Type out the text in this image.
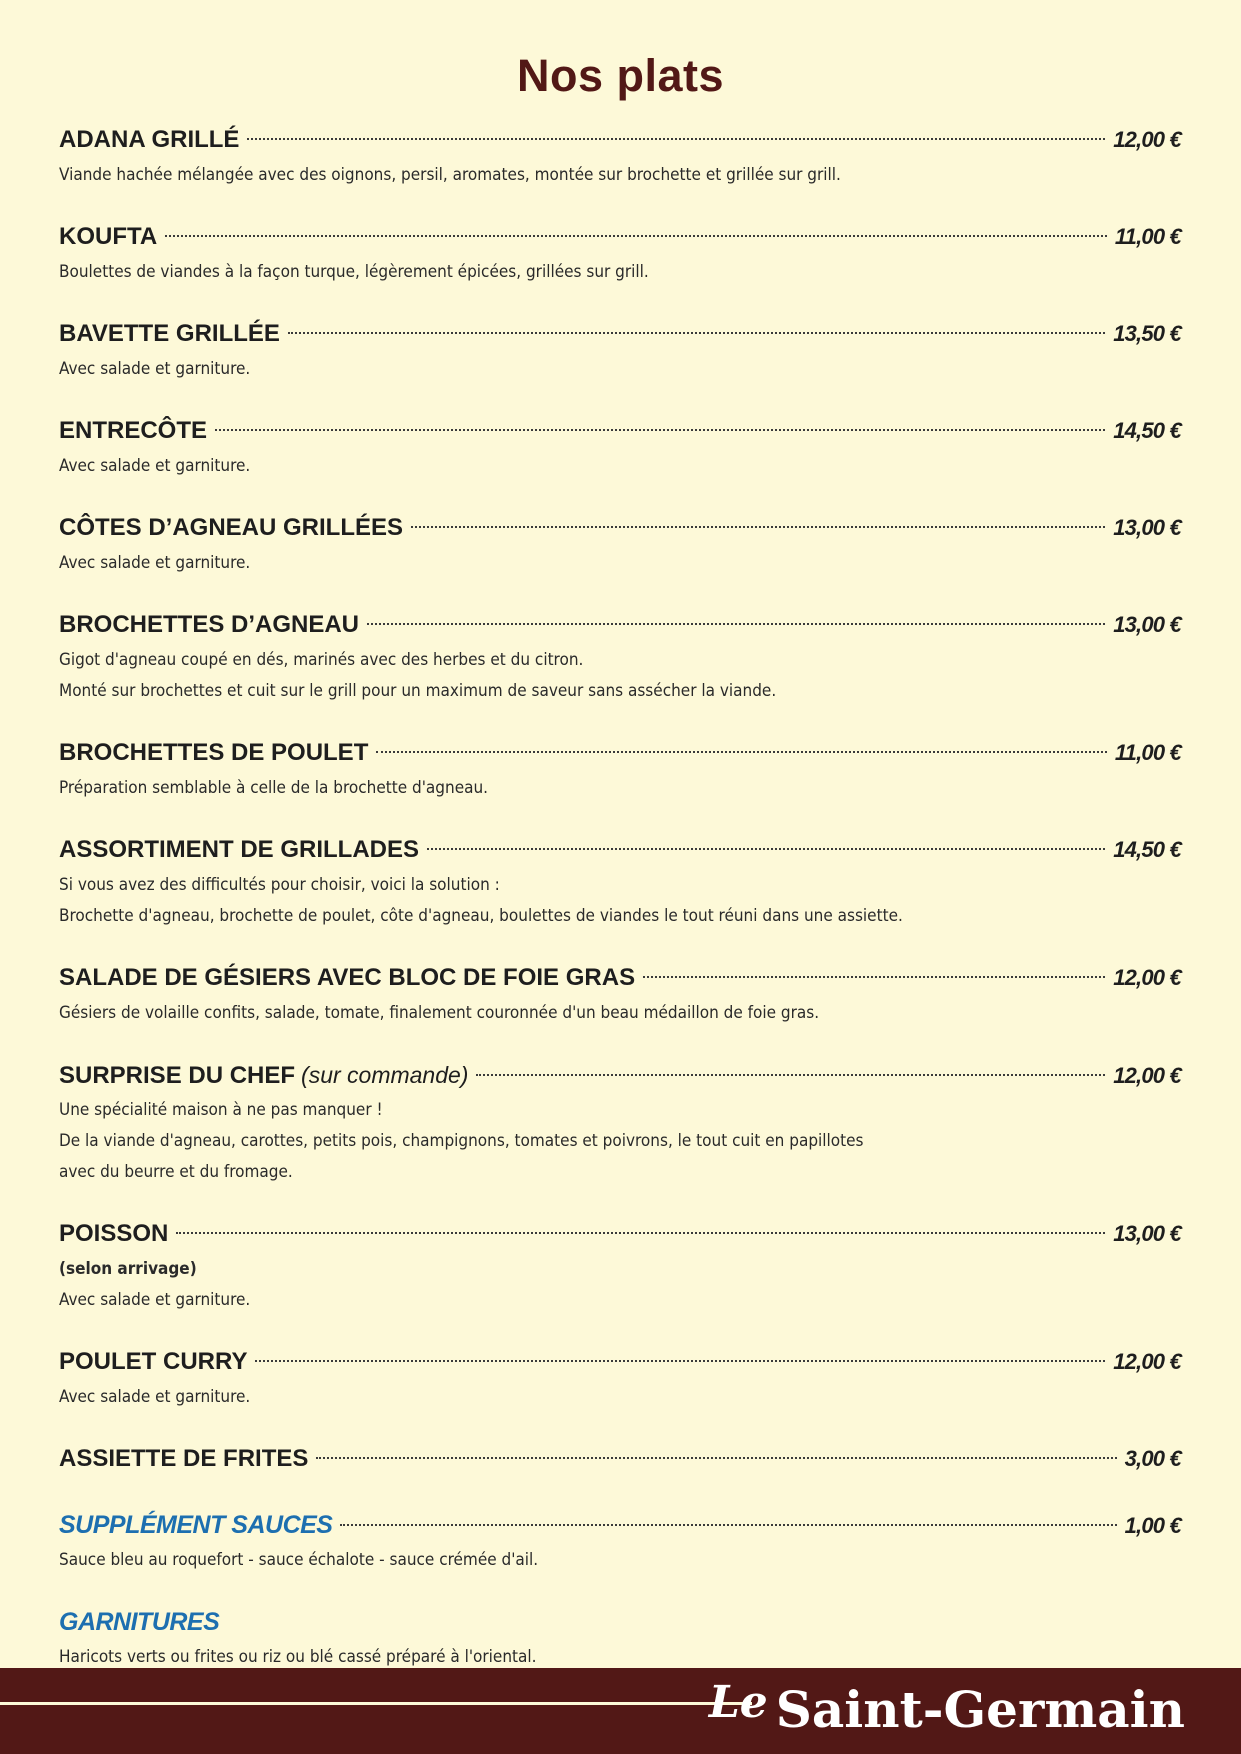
Nos plats
ADANA GRILLÉ	12,00 €
Viande hachée mélangée avec des oignons, persil, aromates, montée sur brochette et grillée sur grill.
KOUFTA	11,00 €
Boulettes de viandes à la façon turque, légèrement épicées, grillées sur grill.
BAVETTE GRILLÉE	13,50 €
Avec salade et garniture.
ENTRECÔTE	14,50 €
Avec salade et garniture.
CÔTES D’AGNEAU GRILLÉES	13,00 €
Avec salade et garniture.
BROCHETTES D’AGNEAU	13,00 €
Gigot d'agneau coupé en dés, marinés avec des herbes et du citron.
Monté sur brochettes et cuit sur le grill pour un maximum de saveur sans assécher la viande.
BROCHETTES DE POULET	11,00 €
Préparation semblable à celle de la brochette d'agneau.
ASSORTIMENT DE GRILLADES	14,50 €
Si vous avez des difficultés pour choisir, voici la solution :
Brochette d'agneau, brochette de poulet, côte d'agneau, boulettes de viandes le tout réuni dans une assiette.
SALADE DE GÉSIERS AVEC BLOC DE FOIE GRAS	12,00 €
Gésiers de volaille confits, salade, tomate, finalement couronnée d'un beau médaillon de foie gras.
SURPRISE DU CHEF (sur commande)	12,00 €
Une spécialité maison à ne pas manquer !
De la viande d'agneau, carottes, petits pois, champignons, tomates et poivrons, le tout cuit en papillotes
avec du beurre et du fromage.
POISSON	13,00 €
(selon arrivage)
Avec salade et garniture.
POULET CURRY	12,00 €
Avec salade et garniture.
ASSIETTE DE FRITES	3,00 €
SUPPLÉMENT SAUCES	1,00 €
Sauce bleu au roquefort - sauce échalote - sauce crémée d'ail.
GARNITURES
Haricots verts ou frites ou riz ou blé cassé préparé à l'oriental.
Le Saint-Germain
